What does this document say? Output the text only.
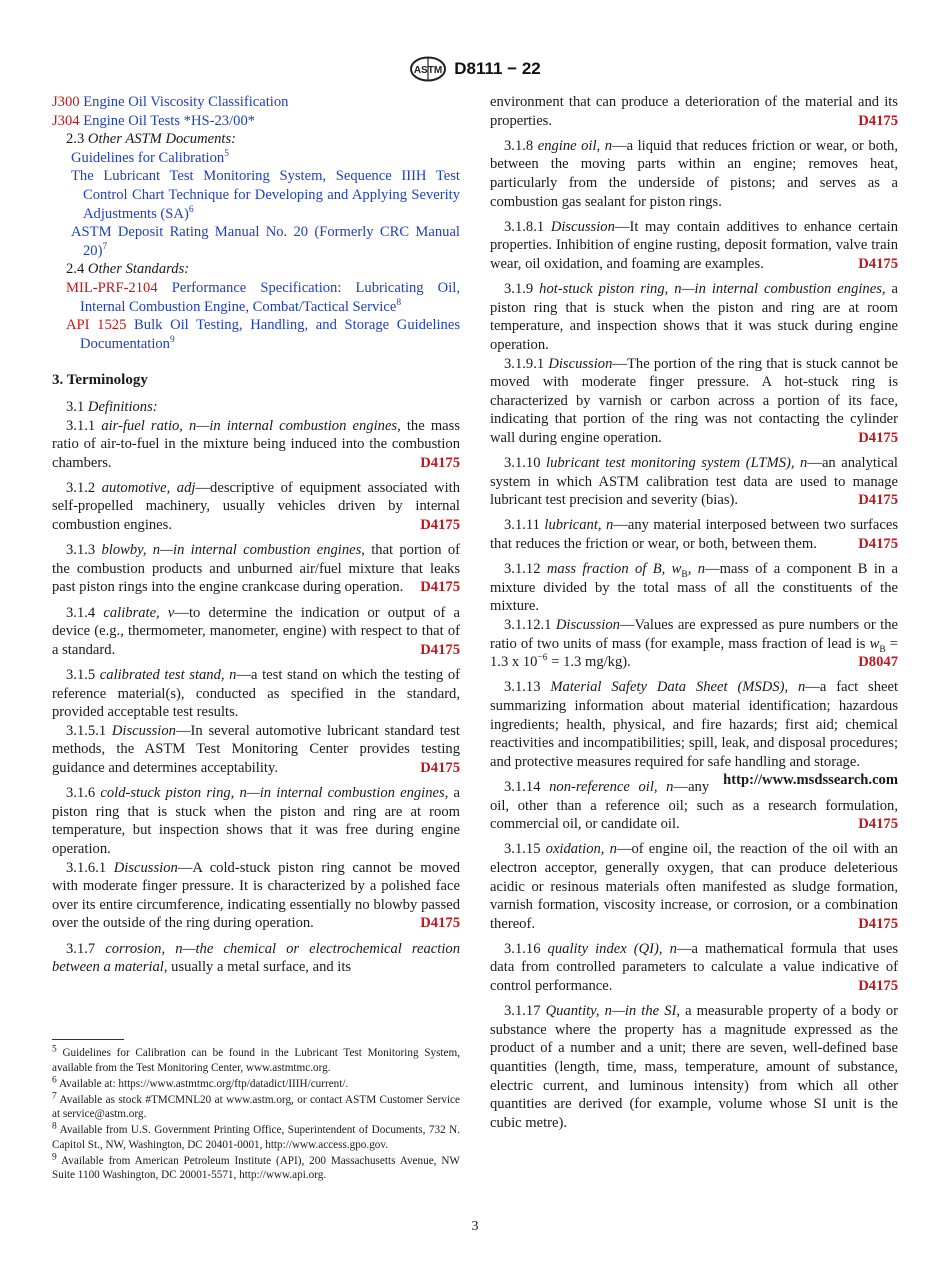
ASTM D8111 − 22

J300 Engine Oil Viscosity Classification

J304 Engine Oil Tests *HS-23/00*

2.3 Other ASTM Documents:

Guidelines for Calibration$^5$

The Lubricant Test Monitoring System, Sequence IIIH Test Control Chart Technique for Developing and Applying Severity Adjustments (SA)$^6$

ASTM Deposit Rating Manual No. 20 (Formerly CRC Manual 20)$^7$

2.4 Other Standards:

MIL-PRF-2104 Performance Specification: Lubricating Oil, Internal Combustion Engine, Combat/Tactical Service$^8$

API 1525 Bulk Oil Testing, Handling, and Storage Guidelines Documentation$^9$

3. Terminology

3.1 Definitions:

3.1.1 air-fuel ratio, n—in internal combustion engines, the mass ratio of air-to-fuel in the mixture being induced into the combustion chambers.	D4175

3.1.2 automotive, adj—descriptive of equipment associated with self-propelled machinery, usually vehicles driven by internal combustion engines.	D4175

3.1.3 blowby, n—in internal combustion engines, that portion of the combustion products and unburned air/fuel mixture that leaks past piston rings into the engine crankcase during operation.	D4175

3.1.4 calibrate, v—to determine the indication or output of a device (e.g., thermometer, manometer, engine) with respect to that of a standard.	D4175

3.1.5 calibrated test stand, n—a test stand on which the testing of reference material(s), conducted as specified in the standard, provided acceptable test results.

3.1.5.1 Discussion—In several automotive lubricant standard test methods, the ASTM Test Monitoring Center provides testing guidance and determines acceptability.	D4175

3.1.6 cold-stuck piston ring, n—in internal combustion engines, a piston ring that is stuck when the piston and ring are at room temperature, but inspection shows that it was free during engine operation.

3.1.6.1 Discussion—A cold-stuck piston ring cannot be moved with moderate finger pressure. It is characterized by a polished face over its entire circumference, indicating essentially no blowby passed over the outside of the ring during operation.	D4175

3.1.7 corrosion, n—the chemical or electrochemical reaction between a material, usually a metal surface, and its

environment that can produce a deterioration of the material and its properties.	D4175

3.1.8 engine oil, n—a liquid that reduces friction or wear, or both, between the moving parts within an engine; removes heat, particularly from the underside of pistons; and serves as a combustion gas sealant for piston rings.

3.1.8.1 Discussion—It may contain additives to enhance certain properties. Inhibition of engine rusting, deposit formation, valve train wear, oil oxidation, and foaming are examples.	D4175

3.1.9 hot-stuck piston ring, n—in internal combustion engines, a piston ring that is stuck when the piston and ring are at room temperature, and inspection shows that it was stuck during engine operation.

3.1.9.1 Discussion—The portion of the ring that is stuck cannot be moved with moderate finger pressure. A hot-stuck ring is characterized by varnish or carbon across a portion of its face, indicating that portion of the ring was not contacting the cylinder wall during engine operation.	D4175

3.1.10 lubricant test monitoring system (LTMS), n—an analytical system in which ASTM calibration test data are used to manage lubricant test precision and severity (bias).	D4175

3.1.11 lubricant, n—any material interposed between two surfaces that reduces the friction or wear, or both, between them.	D4175

3.1.12 mass fraction of B, $w_B$, n—mass of a component B in a mixture divided by the total mass of all the constituents of the mixture.

3.1.12.1 Discussion—Values are expressed as pure numbers or the ratio of two units of mass (for example, mass fraction of lead is $w_B = 1.3$ x $10^{-6} = 1.3$ mg/kg).	D8047

3.1.13 Material Safety Data Sheet (MSDS), n—a fact sheet summarizing information about material identification; hazardous ingredients; health, physical, and fire hazards; first aid; chemical reactivities and incompatibilities; spill, leak, and disposal procedures; and protective measures required for safe handling and storage.
http://www.msdssearch.com

3.1.14 non-reference oil, n—any oil, other than a reference oil; such as a research formulation, commercial oil, or candidate oil.	D4175

3.1.15 oxidation, n—of engine oil, the reaction of the oil with an electron acceptor, generally oxygen, that can produce deleterious acidic or resinous materials often manifested as sludge formation, varnish formation, viscosity increase, or corrosion, or a combination thereof.	D4175

3.1.16 quality index (QI), n—a mathematical formula that uses data from controlled parameters to calculate a value indicative of control performance.	D4175

3.1.17 Quantity, n—in the SI, a measurable property of a body or substance where the property has a magnitude expressed as the product of a number and a unit; there are seven, well-defined base quantities (length, time, mass, temperature, amount of substance, electric current, and luminous intensity) from which all other quantities are derived (for example, volume whose SI unit is the cubic metre).

$^5$ Guidelines for Calibration can be found in the Lubricant Test Monitoring System, available from the Test Monitoring Center, www.astmtmc.org.

$^6$ Available at: https://www.astmtmc.org/ftp/datadict/IIIH/current/.

$^7$ Available as stock #TMCMNL20 at www.astm.org, or contact ASTM Customer Service at service@astm.org.

$^8$ Available from U.S. Government Printing Office, Superintendent of Documents, 732 N. Capitol St., NW, Washington, DC 20401-0001, http://www.access.gpo.gov.

$^9$ Available from American Petroleum Institute (API), 200 Massachusetts Avenue, NW Suite 1100 Washington, DC 20001-5571, http://www.api.org.

3
